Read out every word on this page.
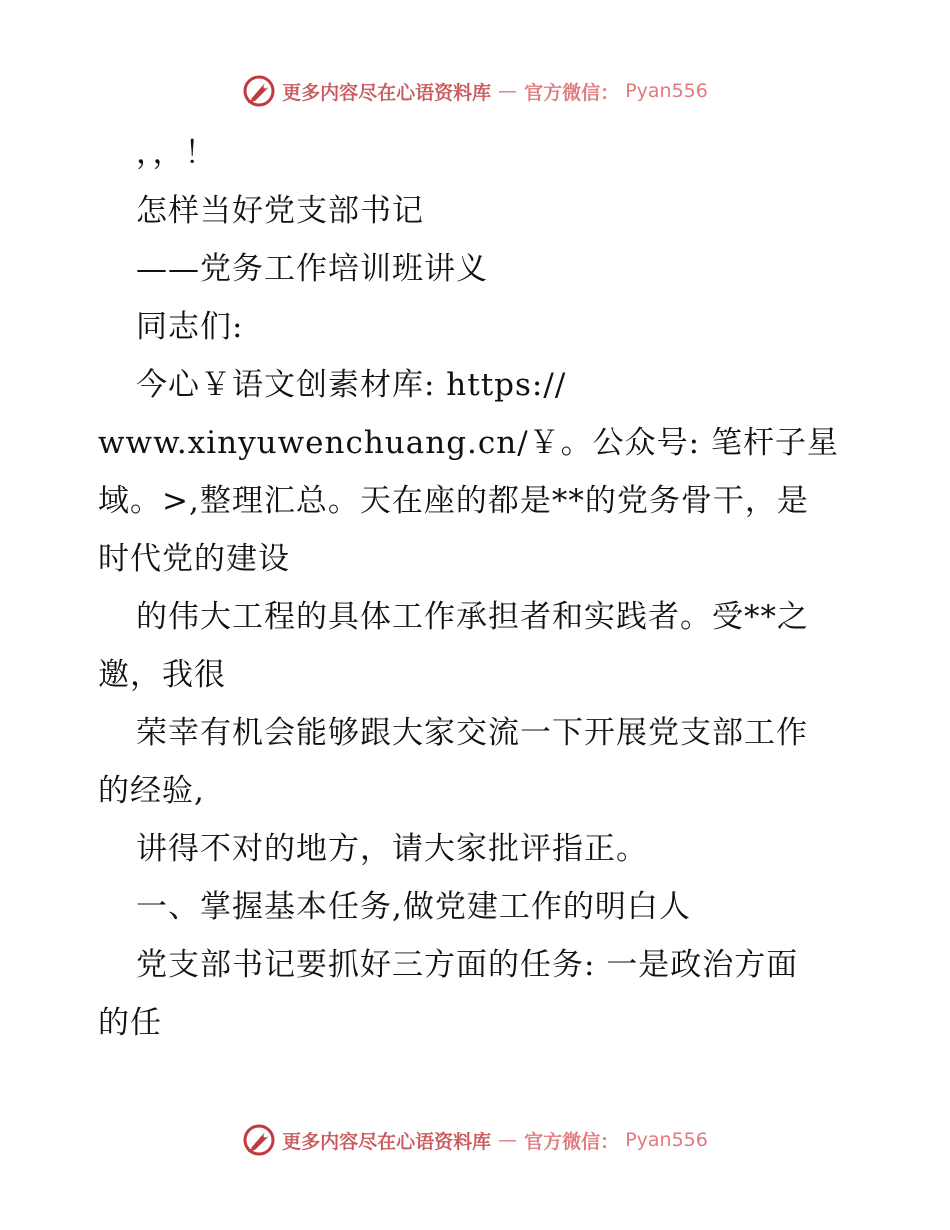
更多内容尽在心语资料库 — 官方微信： Pyan556
，，！
怎样当好党支部书记
——党务工作培训班讲义
同志们:
今心￥语文创素材库: https://
www.xinyuwenchuang.cn/￥。公众号: 笔杆子星
域。>,整理汇总。天在座的都是**的党务骨干，是
时代党的建设
的伟大工程的具体工作承担者和实践者。受**之
邀，我很
荣幸有机会能够跟大家交流一下开展党支部工作
的经验,
讲得不对的地方，请大家批评指正。
一、掌握基本任务,做党建工作的明白人
党支部书记要抓好三方面的任务: 一是政治方面
的任
更多内容尽在心语资料库 — 官方微信： Pyan556
